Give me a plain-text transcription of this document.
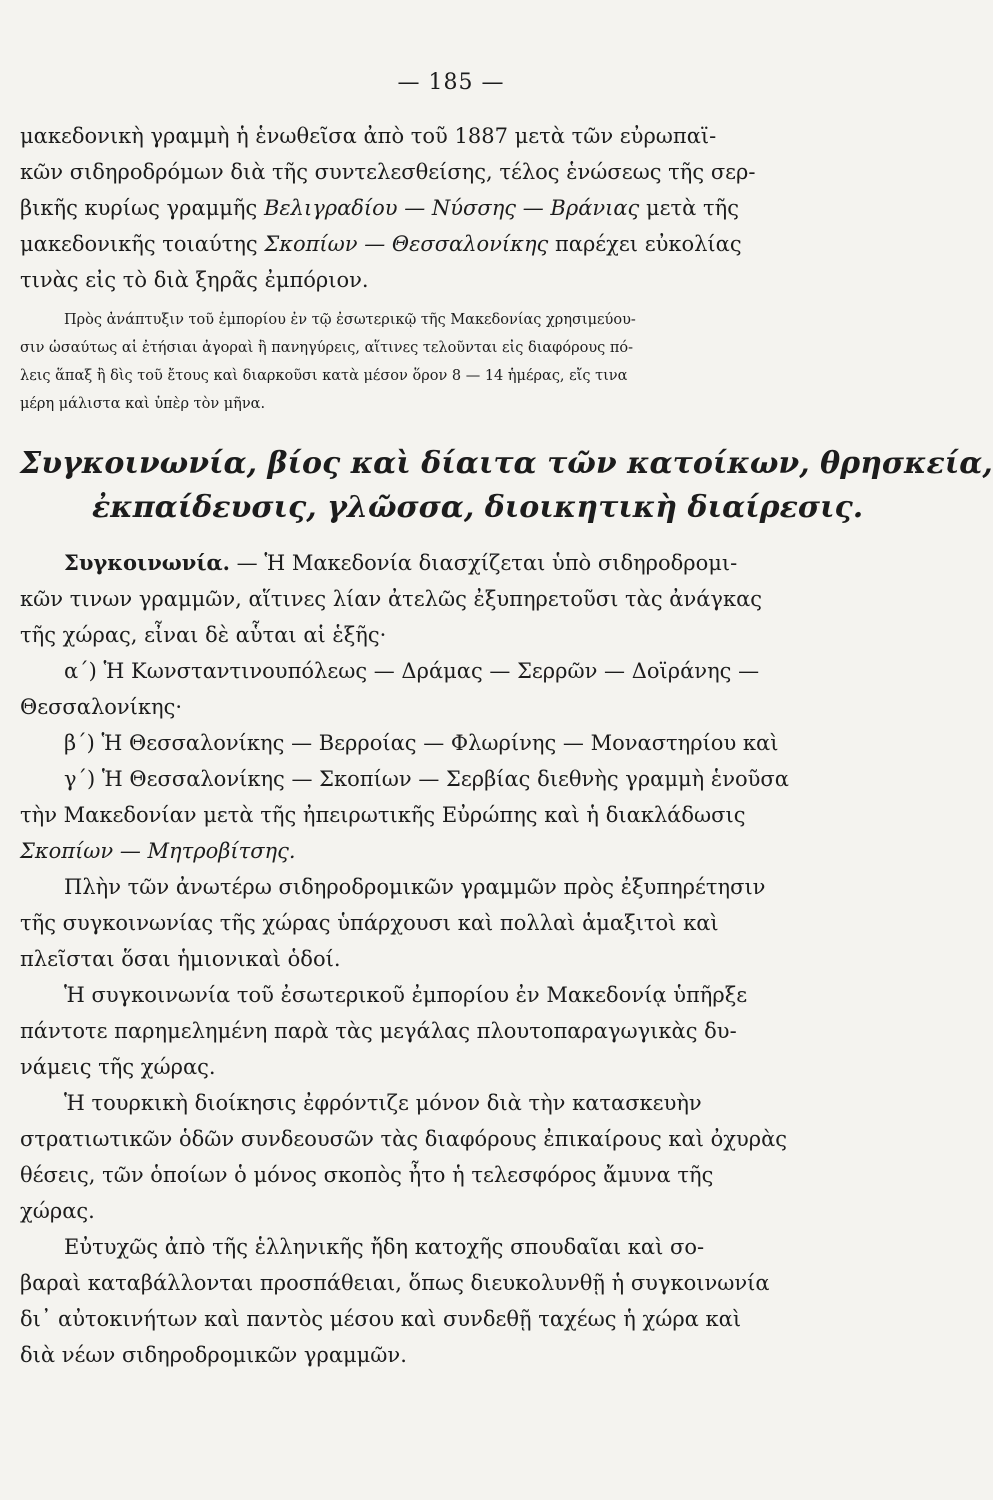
— 185 —
μακεδονικὴ γραμμὴ ἡ ἑνωθεῖσα ἀπὸ τοῦ 1887 μετὰ τῶν εὐρωπαϊ-
κῶν σιδηροδρόμων διὰ τῆς συντελεσθείσης, τέλος ἑνώσεως τῆς σερ-
βικῆς κυρίως γραμμῆς Βελιγραδίου — Νύσσης — Βράνιας μετὰ τῆς
μακεδονικῆς τοιαύτης Σκοπίων — Θεσσαλονίκης παρέχει εὐκολίας
τινὰς εἰς τὸ διὰ ξηρᾶς ἐμπόριον.
Πρὸς ἀνάπτυξιν τοῦ ἐμπορίου ἐν τῷ ἐσωτερικῷ τῆς Μακεδονίας χρησιμεύου-
σιν ὡσαύτως αἱ ἐτήσιαι ἀγοραὶ ἢ πανηγύρεις, αἵτινες τελοῦνται εἰς διαφόρους πό-
λεις ἅπαξ ἢ δὶς τοῦ ἔτους καὶ διαρκοῦσι κατὰ μέσον ὅρον 8 — 14 ἡμέρας, εἴς τινα
μέρη μάλιστα καὶ ὑπὲρ τὸν μῆνα.
Συγκοινωνία, βίος καὶ δίαιτα τῶν κατοίκων, θρησκεία,
ἐκπαίδευσις, γλῶσσα, διοικητικὴ διαίρεσις.
Συγκοινωνία. — Ἡ Μακεδονία διασχίζεται ὑπὸ σιδηροδρομι-
κῶν τινων γραμμῶν, αἵτινες λίαν ἀτελῶς ἐξυπηρετοῦσι τὰς ἀνάγκας
τῆς χώρας, εἶναι δὲ αὗται αἱ ἑξῆς·
α΄) Ἡ Κωνσταντινουπόλεως — Δράμας — Σερρῶν — Δοϊράνης —
Θεσσαλονίκης·
β΄) Ἡ Θεσσαλονίκης — Βερροίας — Φλωρίνης — Μοναστηρίου καὶ
γ΄) Ἡ Θεσσαλονίκης — Σκοπίων — Σερβίας διεθνὴς γραμμὴ ἑνοῦσα
τὴν Μακεδονίαν μετὰ τῆς ἠπειρωτικῆς Εὐρώπης καὶ ἡ διακλάδωσις
Σκοπίων — Μητροβίτσης.
Πλὴν τῶν ἀνωτέρω σιδηροδρομικῶν γραμμῶν πρὸς ἐξυπηρέτησιν
τῆς συγκοινωνίας τῆς χώρας ὑπάρχουσι καὶ πολλαὶ ἁμαξιτοὶ καὶ
πλεῖσται ὅσαι ἡμιονικαὶ ὁδοί.
Ἡ συγκοινωνία τοῦ ἐσωτερικοῦ ἐμπορίου ἐν Μακεδονίᾳ ὑπῆρξε
πάντοτε παρημελημένη παρὰ τὰς μεγάλας πλουτοπαραγωγικὰς δυ-
νάμεις τῆς χώρας.
Ἡ τουρκικὴ διοίκησις ἐφρόντιζε μόνον διὰ τὴν κατασκευὴν
στρατιωτικῶν ὁδῶν συνδεουσῶν τὰς διαφόρους ἐπικαίρους καὶ ὀχυρὰς
θέσεις, τῶν ὁποίων ὁ μόνος σκοπὸς ἦτο ἡ τελεσφόρος ἄμυνα τῆς
χώρας.
Εὐτυχῶς ἀπὸ τῆς ἑλληνικῆς ἤδη κατοχῆς σπουδαῖαι καὶ σο-
βαραὶ καταβάλλονται προσπάθειαι, ὅπως διευκολυνθῇ ἡ συγκοινωνία
δι᾽ αὐτοκινήτων καὶ παντὸς μέσου καὶ συνδεθῇ ταχέως ἡ χώρα καὶ
διὰ νέων σιδηροδρομικῶν γραμμῶν.
